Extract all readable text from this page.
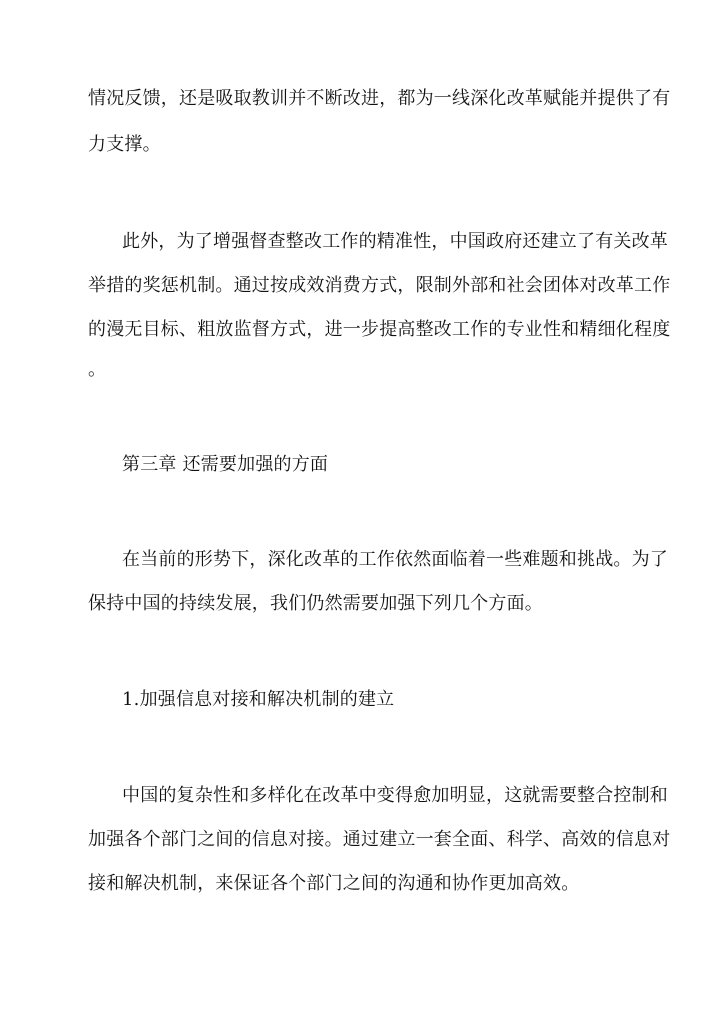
情况反馈，还是吸取教训并不断改进，都为一线深化改革赋能并提供了有
力支撑。
此外，为了增强督查整改工作的精准性，中国政府还建立了有关改革
举措的奖惩机制。通过按成效消费方式，限制外部和社会团体对改革工作
的漫无目标、粗放监督方式，进一步提高整改工作的专业性和精细化程度
。
第三章 还需要加强的方面
在当前的形势下，深化改革的工作依然面临着一些难题和挑战。为了
保持中国的持续发展，我们仍然需要加强下列几个方面。
1.加强信息对接和解决机制的建立
中国的复杂性和多样化在改革中变得愈加明显，这就需要整合控制和
加强各个部门之间的信息对接。通过建立一套全面、科学、高效的信息对
接和解决机制，来保证各个部门之间的沟通和协作更加高效。
